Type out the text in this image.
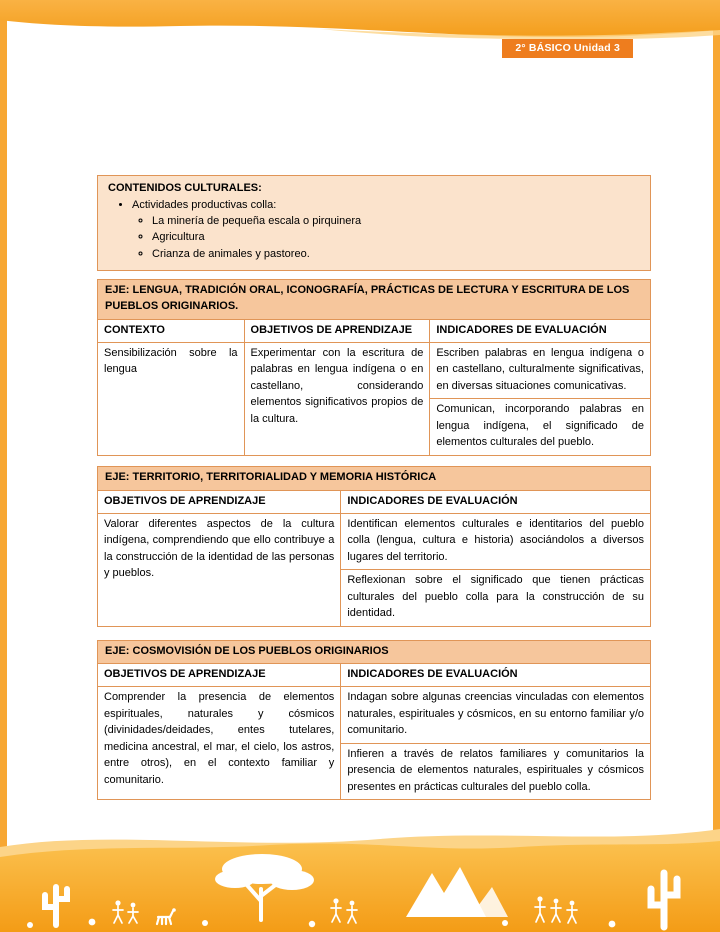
2° BÁSICO Unidad 3
CONTENIDOS CULTURALES:
• Actividades productivas colla:
◦ La minería de pequeña escala o pirquinera
◦ Agricultura
◦ Crianza de animales y pastoreo.
EJE: LENGUA, TRADICIÓN ORAL, ICONOGRAFÍA, PRÁCTICAS DE LECTURA Y ESCRITURA DE LOS PUEBLOS ORIGINARIOS.
CONTEXTO	OBJETIVOS DE APRENDIZAJE	INDICADORES DE EVALUACIÓN
Sensibilización sobre la lengua	Experimentar con la escritura de palabras en lengua indígena o en castellano, considerando elementos significativos propios de la cultura.	Escriben palabras en lengua indígena o en castellano, culturalmente significativas, en diversas situaciones comunicativas.
		Comunican, incorporando palabras en lengua indígena, el significado de elementos culturales del pueblo.
EJE: TERRITORIO, TERRITORIALIDAD Y MEMORIA HISTÓRICA
OBJETIVOS DE APRENDIZAJE	INDICADORES DE EVALUACIÓN
Valorar diferentes aspectos de la cultura indígena, comprendiendo que ello contribuye a la construcción de la identidad de las personas y pueblos.	Identifican elementos culturales e identitarios del pueblo colla (lengua, cultura e historia) asociándolos a diversos lugares del territorio.
	Reflexionan sobre el significado que tienen prácticas culturales del pueblo colla para la construcción de su identidad.
EJE: COSMOVISIÓN DE LOS PUEBLOS ORIGINARIOS
OBJETIVOS DE APRENDIZAJE	INDICADORES DE EVALUACIÓN
Comprender la presencia de elementos espirituales, naturales y cósmicos (divinidades/deidades, entes tutelares, medicina ancestral, el mar, el cielo, los astros, entre otros), en el contexto familiar y comunitario.	Indagan sobre algunas creencias vinculadas con elementos naturales, espirituales y cósmicos, en su entorno familiar y/o comunitario.
	Infieren a través de relatos familiares y comunitarios la presencia de elementos naturales, espirituales y cósmicos presentes en prácticas culturales del pueblo colla.
